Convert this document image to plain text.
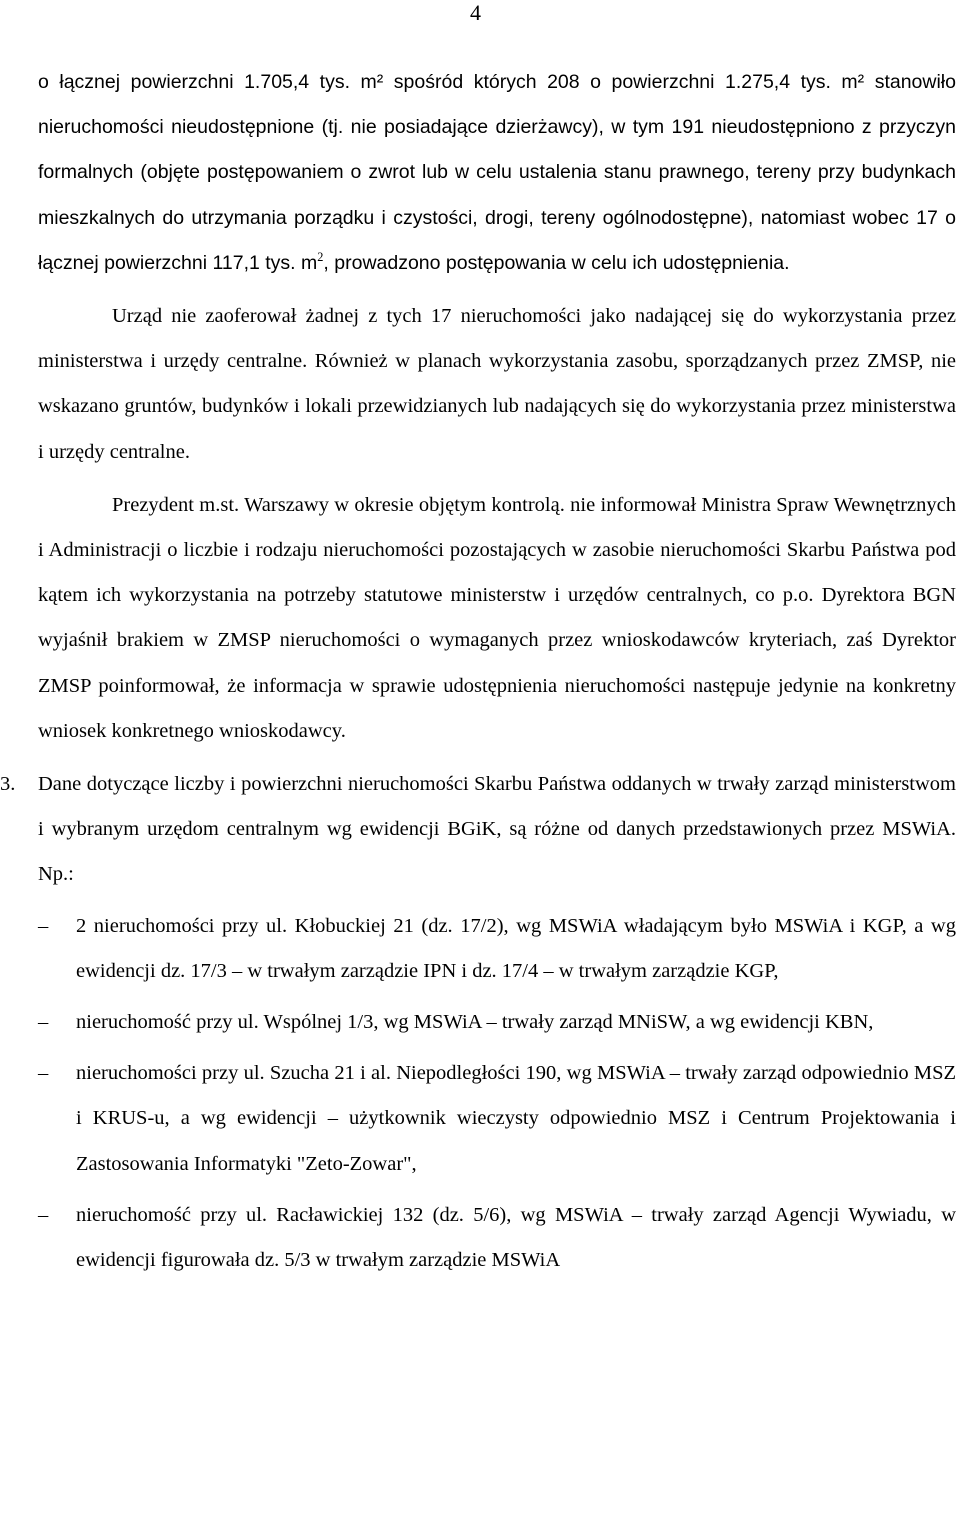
4

o łącznej powierzchni 1.705,4 tys. m² spośród których 208 o powierzchni 1.275,4 tys. m² stanowiło nieruchomości nieudostępnione (tj. nie posiadające dzierżawcy), w tym 191 nieudostępniono z przyczyn formalnych (objęte postępowaniem o zwrot lub w celu ustalenia stanu prawnego, tereny przy budynkach mieszkalnych do utrzymania porządku i czystości, drogi, tereny ogólnodostępne), natomiast wobec 17 o łącznej powierzchni 117,1 tys. $m^2$, prowadzono postępowania w celu ich udostępnienia.

Urząd nie zaoferował żadnej z tych 17 nieruchomości jako nadającej się do wykorzystania przez ministerstwa i urzędy centralne. Również w planach wykorzystania zasobu, sporządzanych przez ZMSP, nie wskazano gruntów, budynków i lokali przewidzianych lub nadających się do wykorzystania przez ministerstwa i urzędy centralne.

Prezydent m.st. Warszawy w okresie objętym kontrolą. nie informował Ministra Spraw Wewnętrznych i Administracji o liczbie i rodzaju nieruchomości pozostających w zasobie nieruchomości Skarbu Państwa pod kątem ich wykorzystania na potrzeby statutowe ministerstw i urzędów centralnych, co p.o. Dyrektora BGN wyjaśnił brakiem w ZMSP nieruchomości o wymaganych przez wnioskodawców kryteriach, zaś Dyrektor ZMSP poinformował, że informacja w sprawie udostępnienia nieruchomości następuje jedynie na konkretny wniosek konkretnego wnioskodawcy.

3. Dane dotyczące liczby i powierzchni nieruchomości Skarbu Państwa oddanych w trwały zarząd ministerstwom i wybranym urzędom centralnym wg ewidencji BGiK, są różne od danych przedstawionych przez MSWiA. Np.:
– 2 nieruchomości przy ul. Kłobuckiej 21 (dz. 17/2), wg MSWiA władającym było MSWiA i KGP, a wg ewidencji dz. 17/3 – w trwałym zarządzie IPN i dz. 17/4 – w trwałym zarządzie KGP,
– nieruchomość przy ul. Wspólnej 1/3, wg MSWiA – trwały zarząd MNiSW, a wg ewidencji KBN,
– nieruchomości przy ul. Szucha 21 i al. Niepodległości 190, wg MSWiA – trwały zarząd odpowiednio MSZ i KRUS-u, a wg ewidencji – użytkownik wieczysty odpowiednio MSZ i Centrum Projektowania i Zastosowania Informatyki "Zeto-Zowar",
– nieruchomość przy ul. Racławickiej 132 (dz. 5/6), wg MSWiA – trwały zarząd Agencji Wywiadu, w ewidencji figurowała dz. 5/3 w trwałym zarządzie MSWiA
